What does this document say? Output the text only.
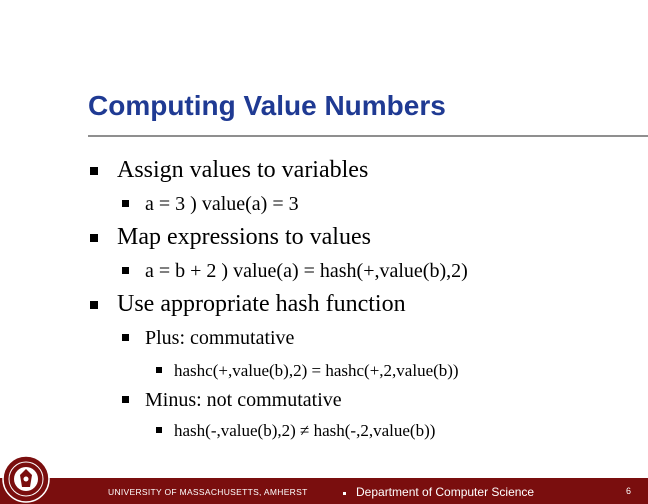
Computing Value Numbers
Assign values to variables
a = 3 ) value(a) = 3
Map expressions to values
a = b + 2 ) value(a) = hash(+,value(b),2)
Use appropriate hash function
Plus: commutative
hashc(+,value(b),2) = hashc(+,2,value(b))
Minus: not commutative
hash(-,value(b),2) ≠ hash(-,2,value(b))
UNIVERSITY OF MASSACHUSETTS, AMHERST	Department of Computer Science	6
